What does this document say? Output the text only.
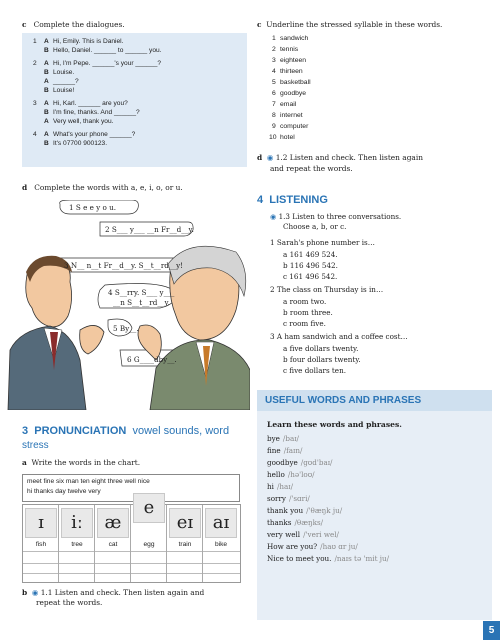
c Complete the dialogues.
1 A Hi, Emily. This is Daniel.
B Hello, Daniel. ______ to ______ you.
2 A Hi, I'm Pepe. ______'s your ______?
B Louise.
A ______?
B Louise!
3 A Hi, Karl. ______ are you?
B I'm fine, thanks. And ______?
A Very well, thank you.
4 A What's your phone ______?
B It's 07700 900123.
d Complete the words with a, e, i, o, or u.
1 S e e y o u.
2 S___ y___ __n Fr__d__y.
3 N__ n__t Fr__d__y. S__t__rd__y!
4 S__rry. S___ y___
__n S__t__rd__y.
5 By__.
6 G____dby__.
3 PRONUNCIATION vowel sounds, word
stress
a Write the words in the chart.
meet fine six man ten eight three well nice
hi thanks day twelve very
ɪ
fish
iː
tree
æ
cat
e
egg
eɪ
train
aɪ
bike
b ◉ 1.1 Listen and check. Then listen again and
repeat the words.
c Underline the stressed syllable in these words.
1 sandwich
2 tennis
3 eighteen
4 thirteen
5 basketball
6 goodbye
7 email
8 internet
9 computer
10 hotel
d ◉ 1.2 Listen and check. Then listen again
and repeat the words.
4 LISTENING
◉ 1.3 Listen to three conversations.
Choose a, b, or c.
1 Sarah's phone number is…
a 161 469 524.
b 116 496 542.
c 161 496 542.
2 The class on Thursday is in…
a room two.
b room three.
c room five.
3 A ham sandwich and a coffee cost…
a five dollars twenty.
b four dollars twenty.
c five dollars ten.
USEFUL WORDS AND PHRASES
Learn these words and phrases.
bye /baɪ/
fine /faɪn/
goodbye /gʊd'baɪ/
hello /hə'loʊ/
hi /haɪ/
sorry /'sɑri/
thank you /'θæŋk ju/
thanks /θæŋks/
very well /'veri wel/
How are you? /haʊ ɑr ju/
Nice to meet you. /naɪs tə 'mit ju/
5
